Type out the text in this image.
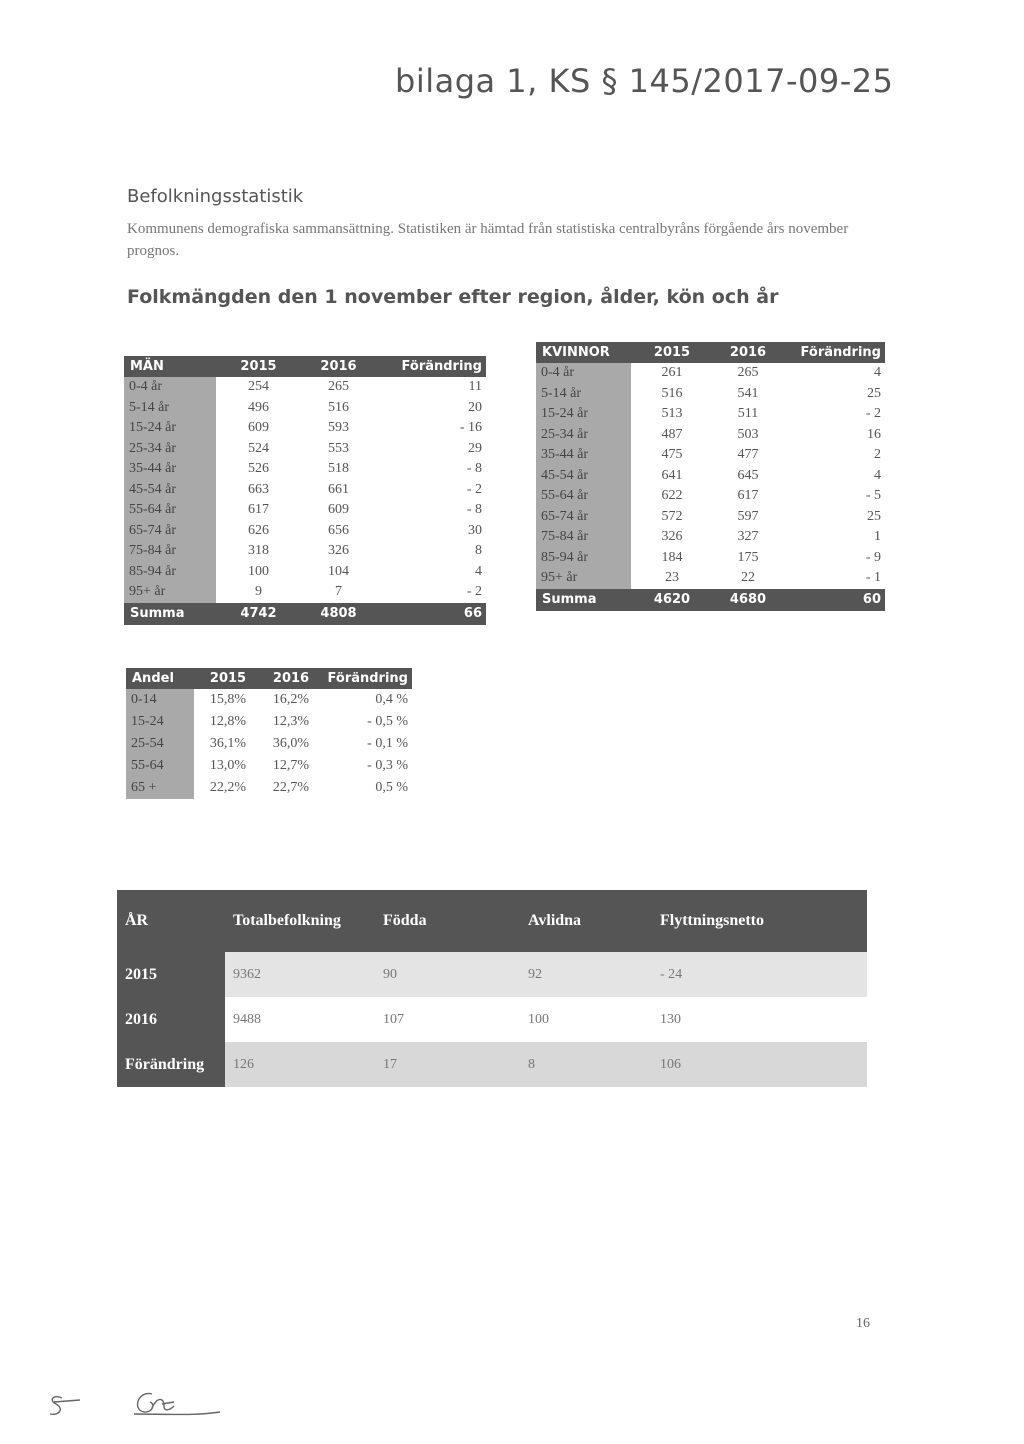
bilaga 1, KS § 145/2017-09-25
Befolkningsstatistik
Kommunens demografiska sammansättning. Statistiken är hämtad från statistiska centralbyråns förgående års november prognos.
Folkmängden den 1 november efter region, ålder, kön och år
MÄN	2015	2016	Förändring
0-4 år	254	265	11
5-14 år	496	516	20
15-24 år	609	593	- 16
25-34 år	524	553	29
35-44 år	526	518	- 8
45-54 år	663	661	- 2
55-64 år	617	609	- 8
65-74 år	626	656	30
75-84 år	318	326	8
85-94 år	100	104	4
95+ år	9	7	- 2
Summa	4742	4808	66
KVINNOR	2015	2016	Förändring
0-4 år	261	265	4
5-14 år	516	541	25
15-24 år	513	511	- 2
25-34 år	487	503	16
35-44 år	475	477	2
45-54 år	641	645	4
55-64 år	622	617	- 5
65-74 år	572	597	25
75-84 år	326	327	1
85-94 år	184	175	- 9
95+ år	23	22	- 1
Summa	4620	4680	60
Andel	2015	2016	Förändring
0-14	15,8%	16,2%	0,4 %
15-24	12,8%	12,3%	- 0,5 %
25-54	36,1%	36,0%	- 0,1 %
55-64	13,0%	12,7%	- 0,3 %
65 +	22,2%	22,7%	0,5 %
ÅR	Totalbefolkning	Födda	Avlidna	Flyttningsnetto
2015	9362	90	92	- 24
2016	9488	107	100	130
Förändring	126	17	8	106
16
